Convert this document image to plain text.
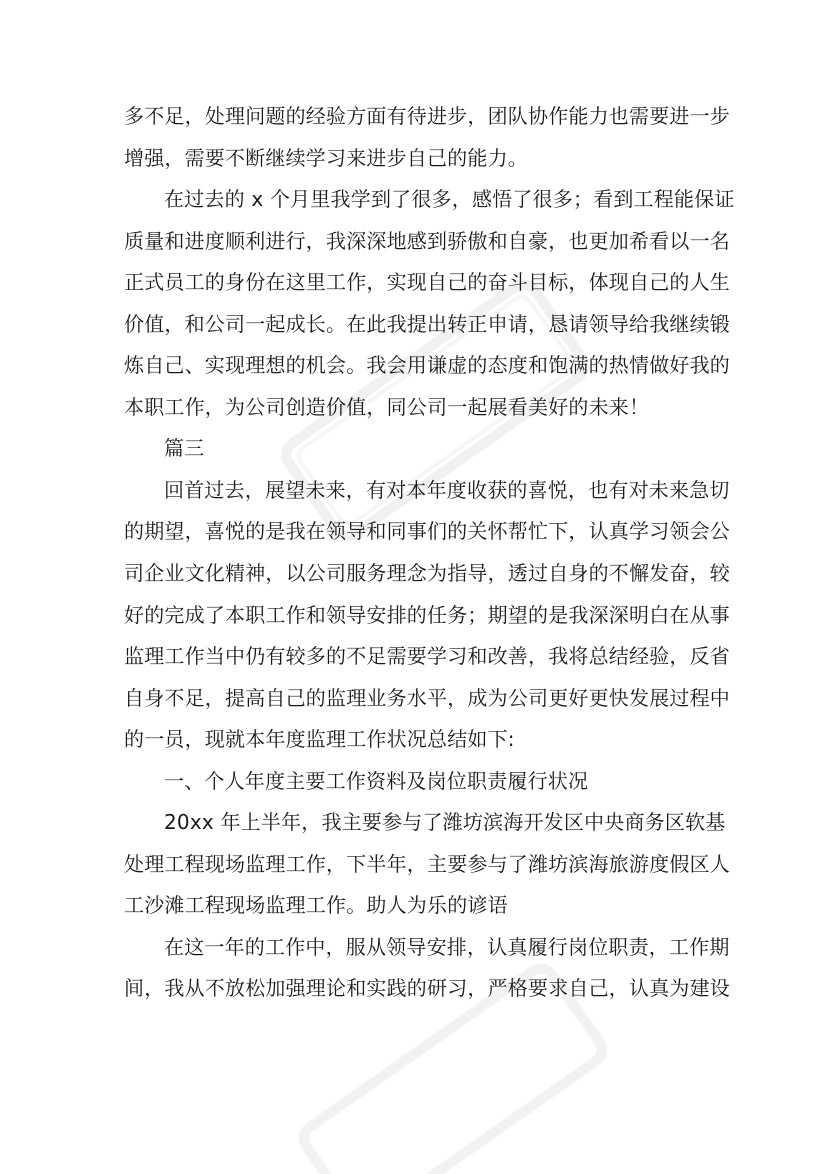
多不足，处理问题的经验方面有待进步，团队协作能力也需要进一步
增强，需要不断继续学习来进步自己的能力。
在过去的 x 个月里我学到了很多，感悟了很多；看到工程能保证
质量和进度顺利进行，我深深地感到骄傲和自豪，也更加希看以一名
正式员工的身份在这里工作，实现自己的奋斗目标，体现自己的人生
价值，和公司一起成长。在此我提出转正申请，恳请领导给我继续锻
炼自己、实现理想的机会。我会用谦虚的态度和饱满的热情做好我的
本职工作，为公司创造价值，同公司一起展看美好的未来！
篇三
回首过去，展望未来，有对本年度收获的喜悦，也有对未来急切
的期望，喜悦的是我在领导和同事们的关怀帮忙下，认真学习领会公
司企业文化精神，以公司服务理念为指导，透过自身的不懈发奋，较
好的完成了本职工作和领导安排的任务；期望的是我深深明白在从事
监理工作当中仍有较多的不足需要学习和改善，我将总结经验，反省
自身不足，提高自己的监理业务水平，成为公司更好更快发展过程中
的一员，现就本年度监理工作状况总结如下:
一、个人年度主要工作资料及岗位职责履行状况
20xx 年上半年，我主要参与了潍坊滨海开发区中央商务区软基
处理工程现场监理工作，下半年，主要参与了潍坊滨海旅游度假区人
工沙滩工程现场监理工作。助人为乐的谚语
在这一年的工作中，服从领导安排，认真履行岗位职责，工作期
间，我从不放松加强理论和实践的研习，严格要求自己，认真为建设
